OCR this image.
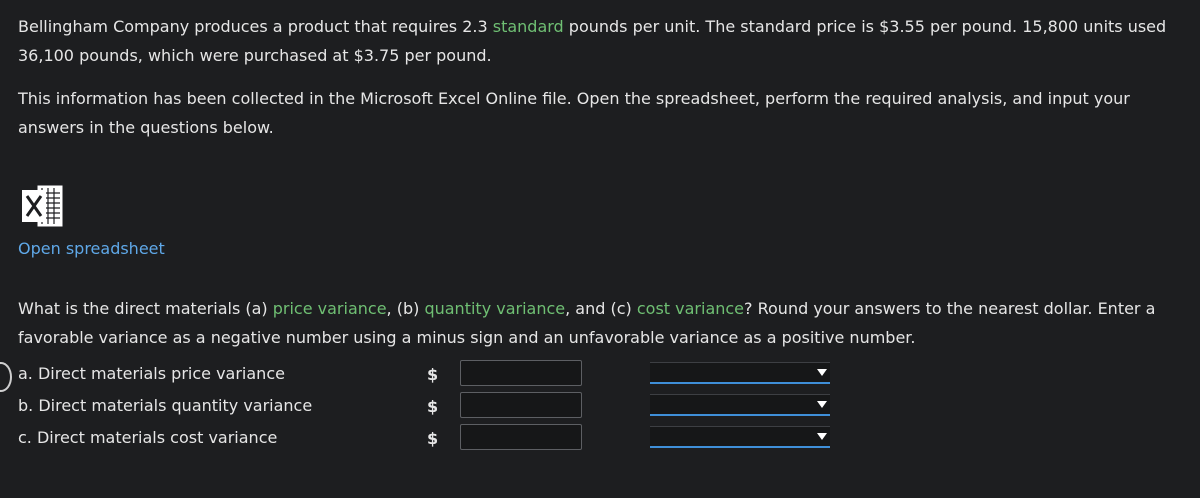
Bellingham Company produces a product that requires 2.3 standard pounds per unit. The standard price is $3.55 per pound. 15,800 units used 36,100 pounds, which were purchased at $3.75 per pound.

This information has been collected in the Microsoft Excel Online file. Open the spreadsheet, perform the required analysis, and input your answers in the questions below.

Open spreadsheet

What is the direct materials (a) price variance, (b) quantity variance, and (c) cost variance? Round your answers to the nearest dollar. Enter a favorable variance as a negative number using a minus sign and an unfavorable variance as a positive number.

a. Direct materials price variance	$
b. Direct materials quantity variance	$
c. Direct materials cost variance	$
